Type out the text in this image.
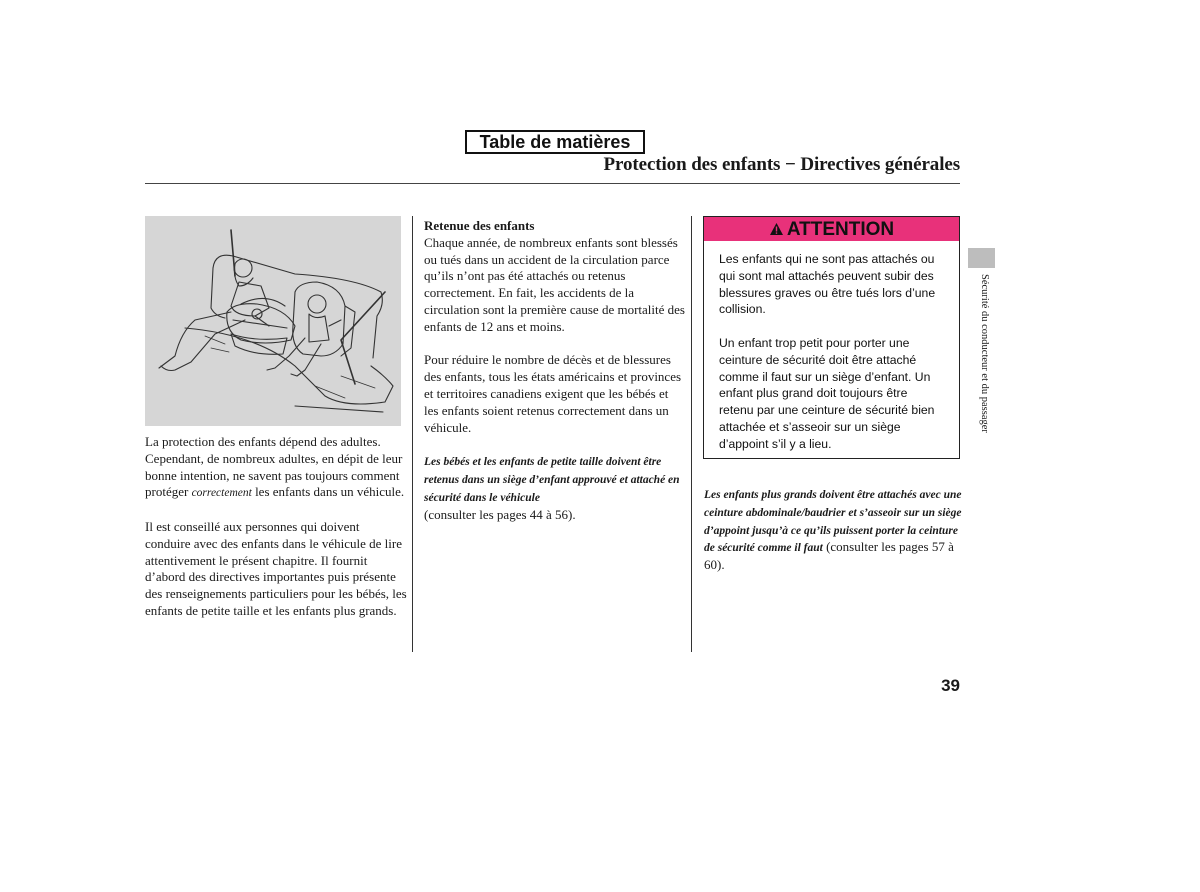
Table de matières
Protection des enfants − Directives générales

La protection des enfants dépend des adultes. Cependant, de nombreux adultes, en dépit de leur bonne intention, ne savent pas toujours comment protéger correctement les enfants dans un véhicule.

Il est conseillé aux personnes qui doivent conduire avec des enfants dans le véhicule de lire attentivement le présent chapitre. Il fournit d’abord des directives importantes puis présente des renseignements particuliers pour les bébés, les enfants de petite taille et les enfants plus grands.

Retenue des enfants

Chaque année, de nombreux enfants sont blessés ou tués dans un accident de la circulation parce qu’ils n’ont pas été attachés ou retenus correctement. En fait, les accidents de la circulation sont la première cause de mortalité des enfants de 12 ans et moins.

Pour réduire le nombre de décès et de blessures des enfants, tous les états américains et provinces et territoires canadiens exigent que les bébés et les enfants soient retenus correctement dans un véhicule.

Les bébés et les enfants de petite taille doivent être retenus dans un siège d’enfant approuvé et attaché en sécurité dans le véhicule
(consulter les pages 44 à 56).

ATTENTION

Les enfants qui ne sont pas attachés ou qui sont mal attachés peuvent subir des blessures graves ou être tués lors d’une collision.

Un enfant trop petit pour porter une ceinture de sécurité doit être attaché comme il faut sur un siège d’enfant. Un enfant plus grand doit toujours être retenu par une ceinture de sécurité bien attachée et s’asseoir sur un siège d’appoint s’il y a lieu.

Les enfants plus grands doivent être attachés avec une ceinture abdominale/baudrier et s’asseoir sur un siège d’appoint jusqu’à ce qu’ils puissent porter la ceinture de sécurité comme il faut (consulter les pages 57 à 60).

Sécurité du conducteur et du passager
39
